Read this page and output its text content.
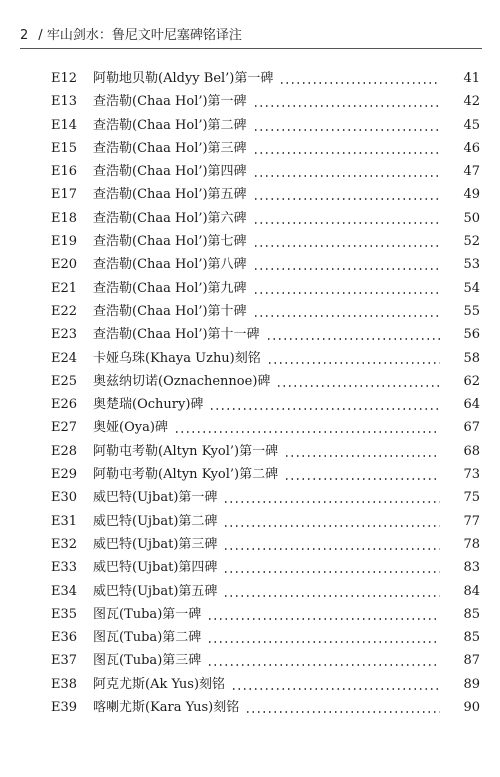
2 / 牢山剑水：鲁尼文叶尼塞碑铭译注
E12	阿勒地贝勒(Aldyy Bel’)第一碑	41
E13	查浩勒(Chaa Hol’)第一碑	42
E14	查浩勒(Chaa Hol’)第二碑	45
E15	查浩勒(Chaa Hol’)第三碑	46
E16	查浩勒(Chaa Hol’)第四碑	47
E17	查浩勒(Chaa Hol’)第五碑	49
E18	查浩勒(Chaa Hol’)第六碑	50
E19	查浩勒(Chaa Hol’)第七碑	52
E20	查浩勒(Chaa Hol’)第八碑	53
E21	查浩勒(Chaa Hol’)第九碑	54
E22	查浩勒(Chaa Hol’)第十碑	55
E23	查浩勒(Chaa Hol’)第十一碑	56
E24	卡娅乌珠(Khaya Uzhu)刻铭	58
E25	奥兹纳切诺(Oznachennoe)碑	62
E26	奥楚瑞(Ochury)碑	64
E27	奥娅(Oya)碑	67
E28	阿勒屯考勒(Altyn Kyol’)第一碑	68
E29	阿勒屯考勒(Altyn Kyol’)第二碑	73
E30	威巴特(Ujbat)第一碑	75
E31	威巴特(Ujbat)第二碑	77
E32	威巴特(Ujbat)第三碑	78
E33	威巴特(Ujbat)第四碑	83
E34	威巴特(Ujbat)第五碑	84
E35	图瓦(Tuba)第一碑	85
E36	图瓦(Tuba)第二碑	85
E37	图瓦(Tuba)第三碑	87
E38	阿克尤斯(Ak Yus)刻铭	89
E39	喀喇尤斯(Kara Yus)刻铭	90
